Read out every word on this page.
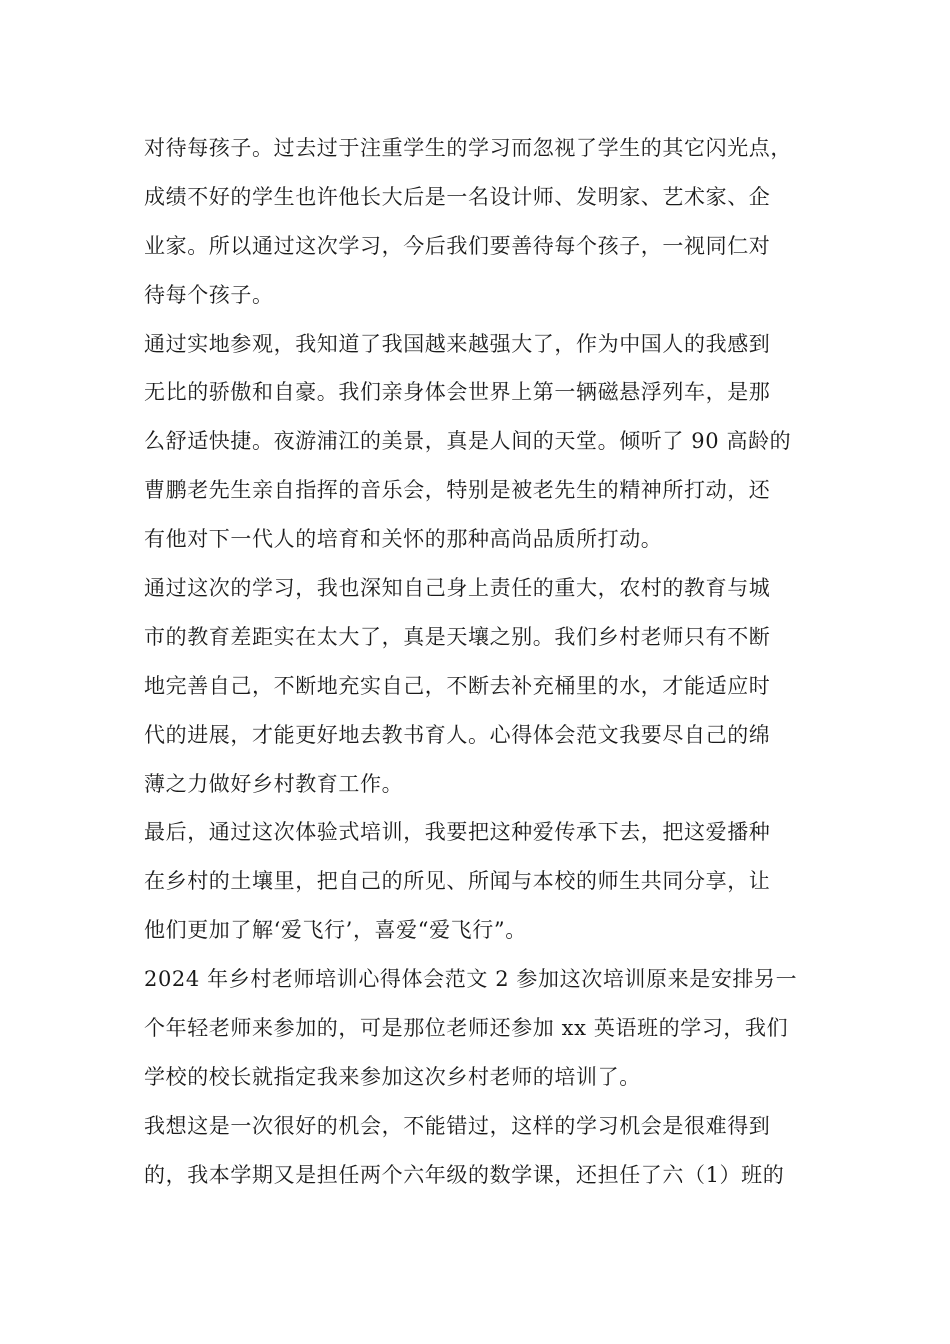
对待每孩子。过去过于注重学生的学习而忽视了学生的其它闪光点，
成绩不好的学生也许他长大后是一名设计师、发明家、艺术家、企
业家。所以通过这次学习，今后我们要善待每个孩子，一视同仁对
待每个孩子。
通过实地参观，我知道了我国越来越强大了，作为中国人的我感到
无比的骄傲和自豪。我们亲身体会世界上第一辆磁悬浮列车，是那
么舒适快捷。夜游浦江的美景，真是人间的天堂。倾听了 90 高龄的
曹鹏老先生亲自指挥的音乐会，特别是被老先生的精神所打动，还
有他对下一代人的培育和关怀的那种高尚品质所打动。
通过这次的学习，我也深知自己身上责任的重大，农村的教育与城
市的教育差距实在太大了，真是天壤之别。我们乡村老师只有不断
地完善自己，不断地充实自己，不断去补充桶里的水，才能适应时
代的进展，才能更好地去教书育人。心得体会范文我要尽自己的绵
薄之力做好乡村教育工作。
最后，通过这次体验式培训，我要把这种爱传承下去，把这爱播种
在乡村的土壤里，把自己的所见、所闻与本校的师生共同分享，让
他们更加了解‘爱飞行’，喜爱“爱飞行”。
2024 年乡村老师培训心得体会范文 2 参加这次培训原来是安排另一
个年轻老师来参加的，可是那位老师还参加 xx 英语班的学习，我们
学校的校长就指定我来参加这次乡村老师的培训了。
我想这是一次很好的机会，不能错过，这样的学习机会是很难得到
的，我本学期又是担任两个六年级的数学课，还担任了六（1）班的
